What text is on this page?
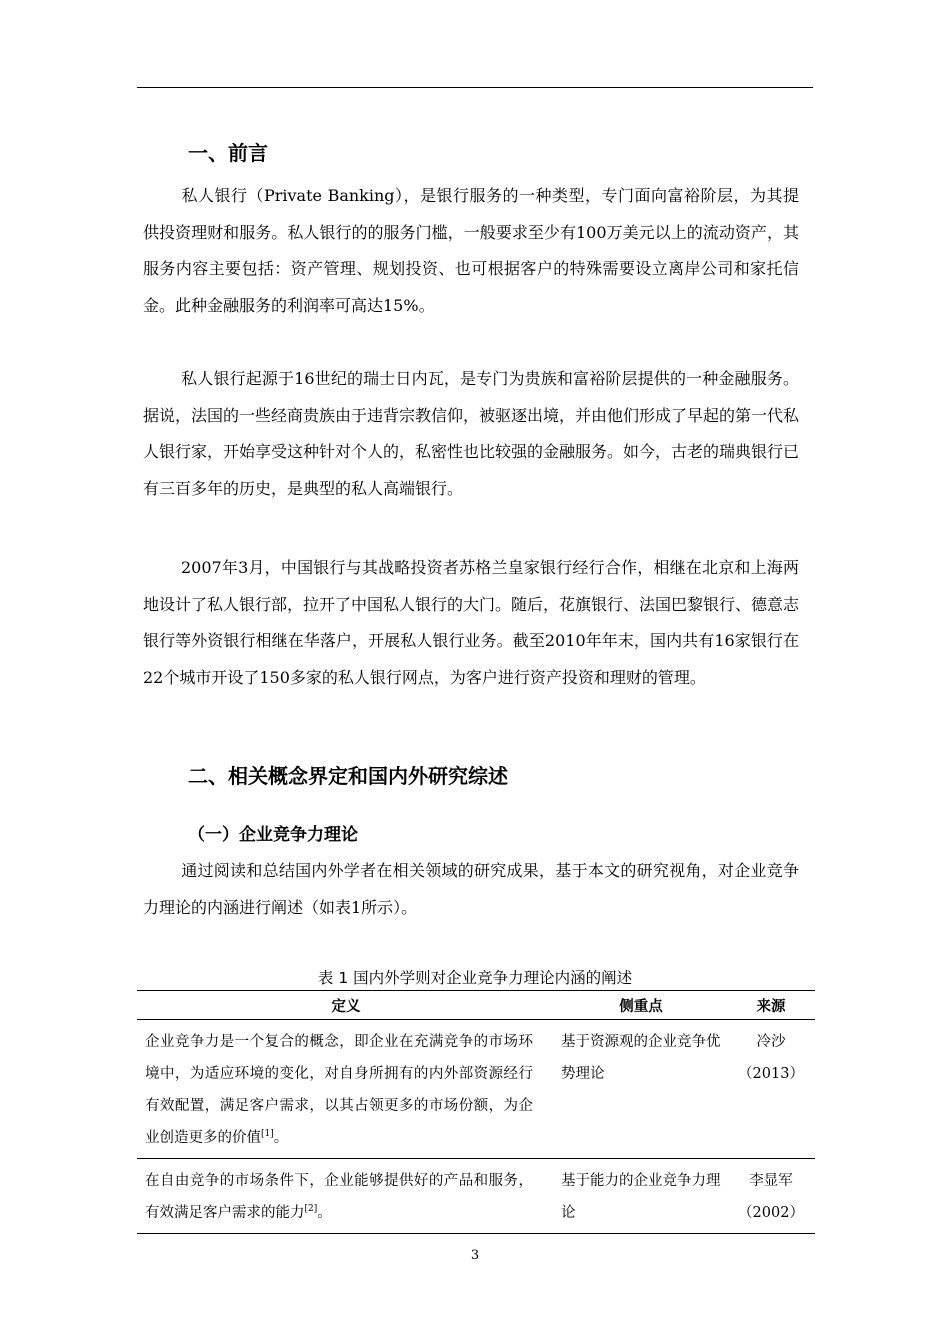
一、前言

私人银行（Private Banking），是银行服务的一种类型，专门面向富裕阶层，为其提供投资理财和服务。私人银行的的服务门槛，一般要求至少有100万美元以上的流动资产，其服务内容主要包括：资产管理、规划投资、也可根据客户的特殊需要设立离岸公司和家托信金。此种金融服务的利润率可高达15%。

私人银行起源于16世纪的瑞士日内瓦，是专门为贵族和富裕阶层提供的一种金融服务。据说，法国的一些经商贵族由于违背宗教信仰，被驱逐出境，并由他们形成了早起的第一代私人银行家，开始享受这种针对个人的，私密性也比较强的金融服务。如今，古老的瑞典银行已有三百多年的历史，是典型的私人高端银行。

2007年3月，中国银行与其战略投资者苏格兰皇家银行经行合作，相继在北京和上海两地设计了私人银行部，拉开了中国私人银行的大门。随后，花旗银行、法国巴黎银行、德意志银行等外资银行相继在华落户，开展私人银行业务。截至2010年年末，国内共有16家银行在22个城市开设了150多家的私人银行网点，为客户进行资产投资和理财的管理。

二、相关概念界定和国内外研究综述
（一）企业竞争力理论

通过阅读和总结国内外学者在相关领域的研究成果，基于本文的研究视角，对企业竞争力理论的内涵进行阐述（如表1所示）。

表 1 国内外学则对企业竞争力理论内涵的阐述
定义	侧重点	来源
企业竞争力是一个复合的概念，即企业在充满竞争的市场环境中，为适应环境的变化，对自身所拥有的内外部资源经行有效配置，满足客户需求，以其占领更多的市场份额，为企业创造更多的价值[1]。	基于资源观的企业竞争优势理论	冷沙
（2013）

在自由竞争的市场条件下，企业能够提供好的产品和服务，有效满足客户需求的能力[2]。	基于能力的企业竞争力理论	李显军
（2002）
3
